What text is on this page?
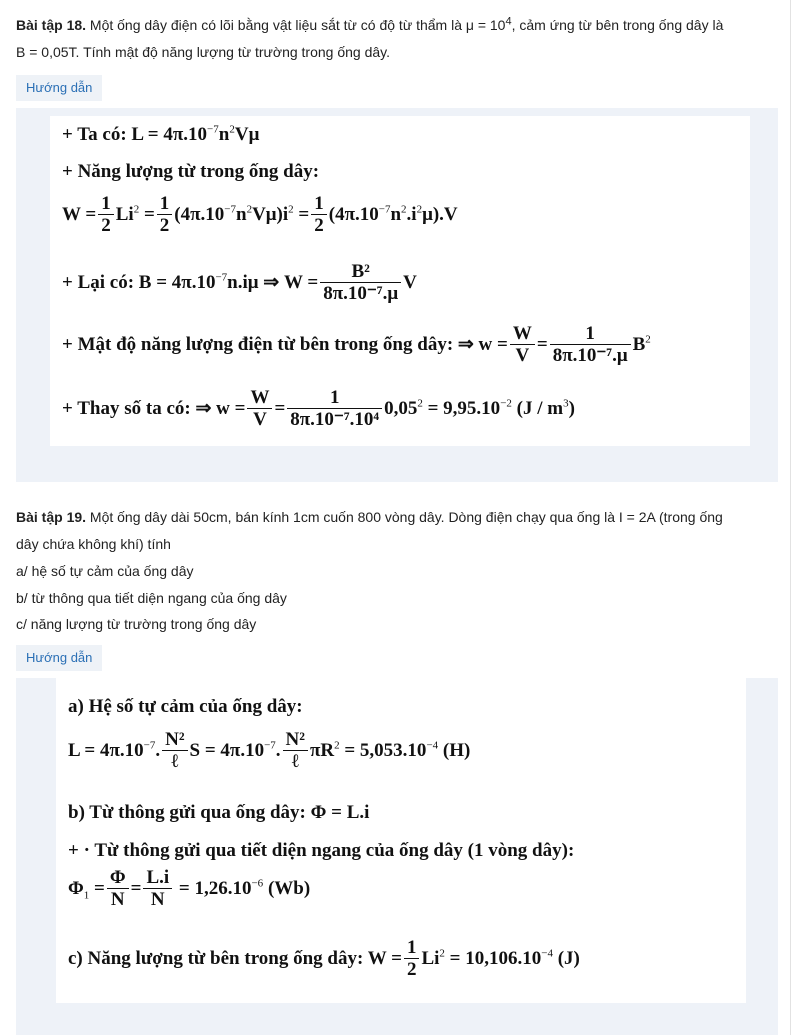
Bài tập 18. Một ống dây điện có lõi bằng vật liệu sắt từ có độ từ thẩm là $\mu = 10^4$, cảm ứng từ bên trong ống dây là
B = 0,05T. Tính mật độ năng lượng từ trường trong ống dây.
Hướng dẫn
+ Ta có: $L = 4\pi.10^{-7}n^2V\mu$
+ Năng lượng từ trong ống dây:
$W = \frac{1}{2} Li^2 = \frac{1}{2} (4\pi.10^{-7}n^2V\mu)i^2 = \frac{1}{2} (4\pi.10^{-7}n^2.i^2\mu).V$
+ Lại có: $B = 4\pi.10^{-7}n.i\mu$ ⇒ $W = \frac{\text{B²}}{\text{8π.10⁻⁷.μ}}$ V
+ Mật độ năng lượng điện từ bên trong ống dây: ⇒ $w = \frac{W}{V} = \frac{1}{\text{8π.10⁻⁷.μ}} B^2$
+ Thay số ta có: ⇒ $w = \frac{W}{V} = \frac{1}{\text{8π.10⁻⁷.10⁴}} 0,05^2 = 9,95.10^{-2}$ $(J / m^3)$
Bài tập 19. Một ống dây dài 50cm, bán kính 1cm cuốn 800 vòng dây. Dòng điện chạy qua ống là I = 2A (trong ống
dây chứa không khí) tính
a/ hệ số tự cảm của ống dây
b/ từ thông qua tiết diện ngang của ống dây
c/ năng lượng từ trường trong ống dây
Hướng dẫn
a) Hệ số tự cảm của ống dây:
$L = 4\pi.10^{-7}$. $\frac{\text{N²}}{\text{ℓ}}$ $S = 4\pi.10^{-7}$. $\frac{\text{N²}}{\text{ℓ}} \pi R^2 = 5,053.10^{-4}$ (H)
b) Từ thông gửi qua ống dây: Φ = L.i
+ · Từ thông gửi qua tiết diện ngang của ống dây (1 vòng dây):
$\Phi_1 = \frac{\Phi}{N} = \frac{L.i}{N} = 1,26.10^{-6}$ (Wb)
c) Năng lượng từ bên trong ống dây: $W = \frac{1}{2} Li^2 = 10,106.10^{-4}$ (J)
